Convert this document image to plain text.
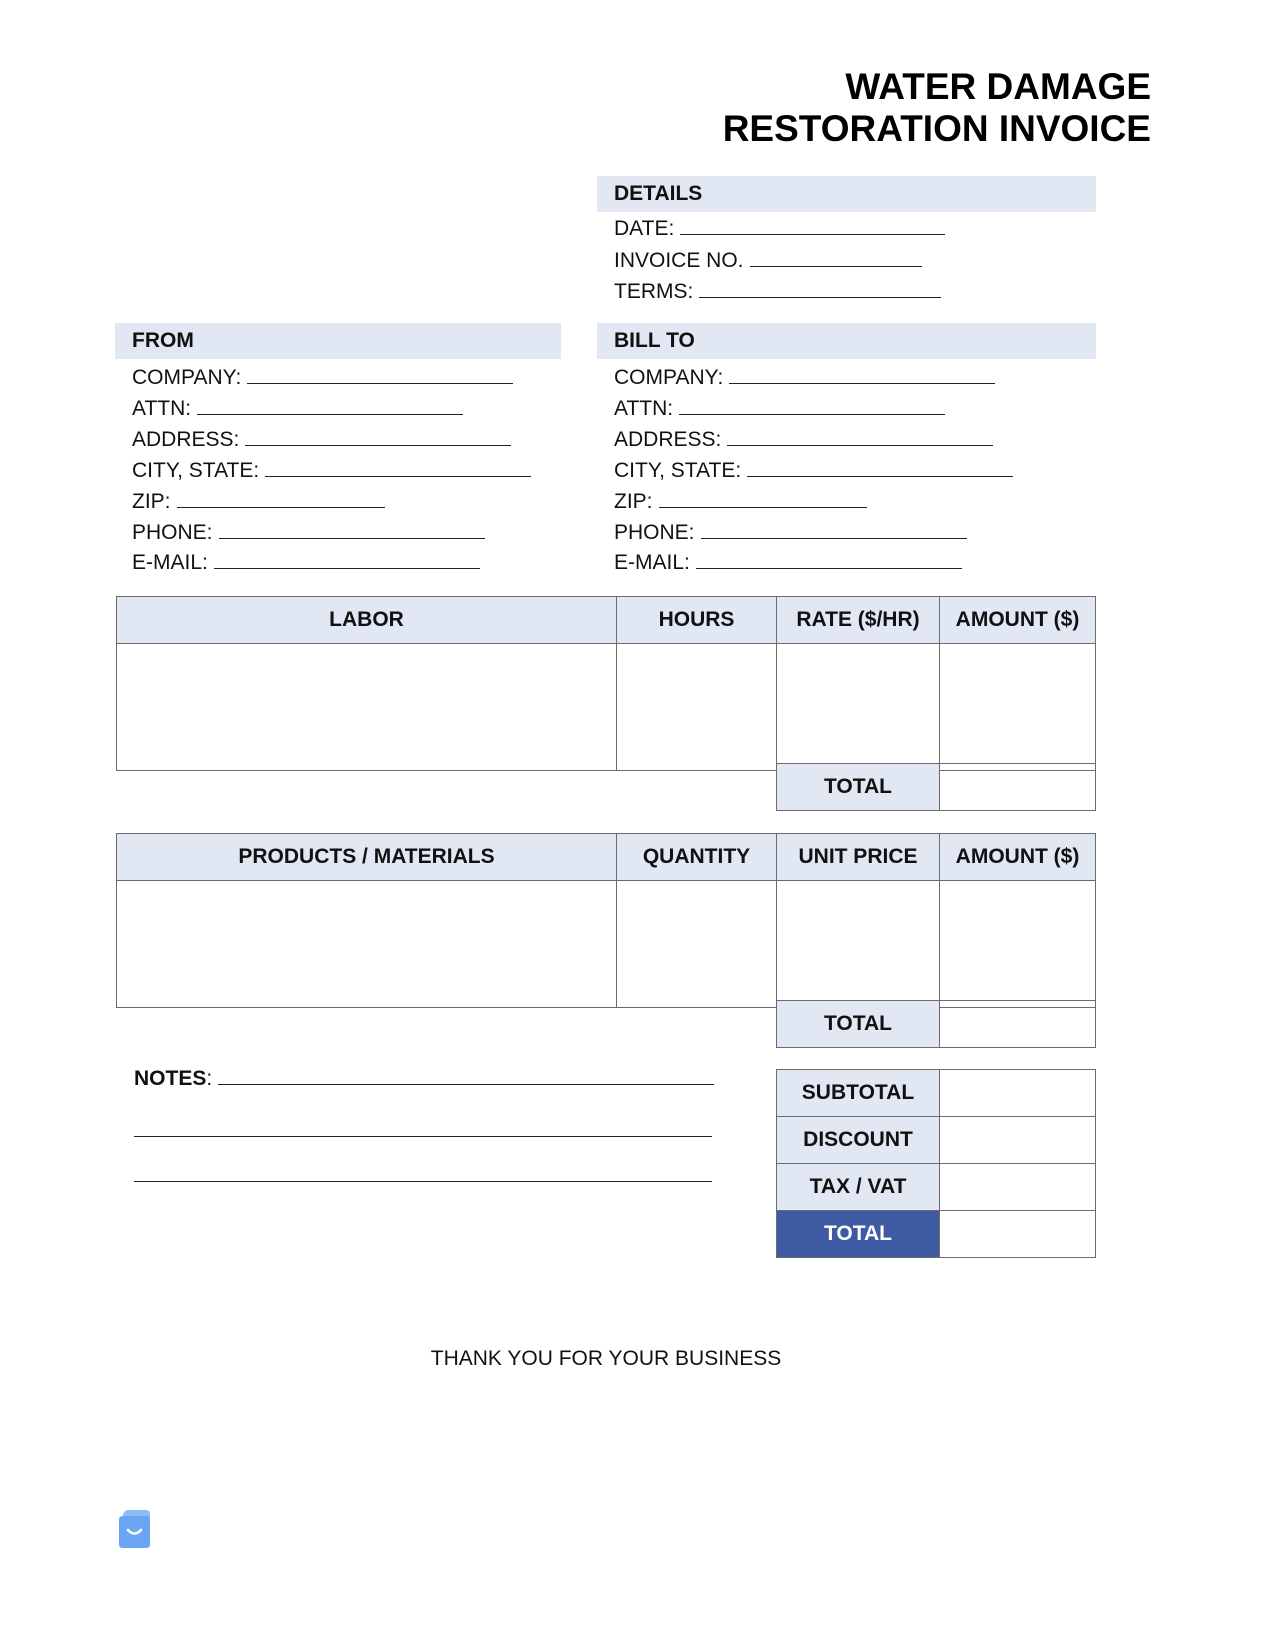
WATER DAMAGE
RESTORATION INVOICE
DETAILS
DATE:
INVOICE NO.
TERMS:
FROM
COMPANY:
ATTN:
ADDRESS:
CITY, STATE:
ZIP:
PHONE:
E-MAIL:
BILL TO
COMPANY:
ATTN:
ADDRESS:
CITY, STATE:
ZIP:
PHONE:
E-MAIL:
LABOR	HOURS	RATE ($/HR)	AMOUNT ($)

TOTAL	
PRODUCTS / MATERIALS	QUANTITY	UNIT PRICE	AMOUNT ($)

TOTAL	
NOTES:
SUBTOTAL	
DISCOUNT	
TAX / VAT	
TOTAL	
THANK YOU FOR YOUR BUSINESS
